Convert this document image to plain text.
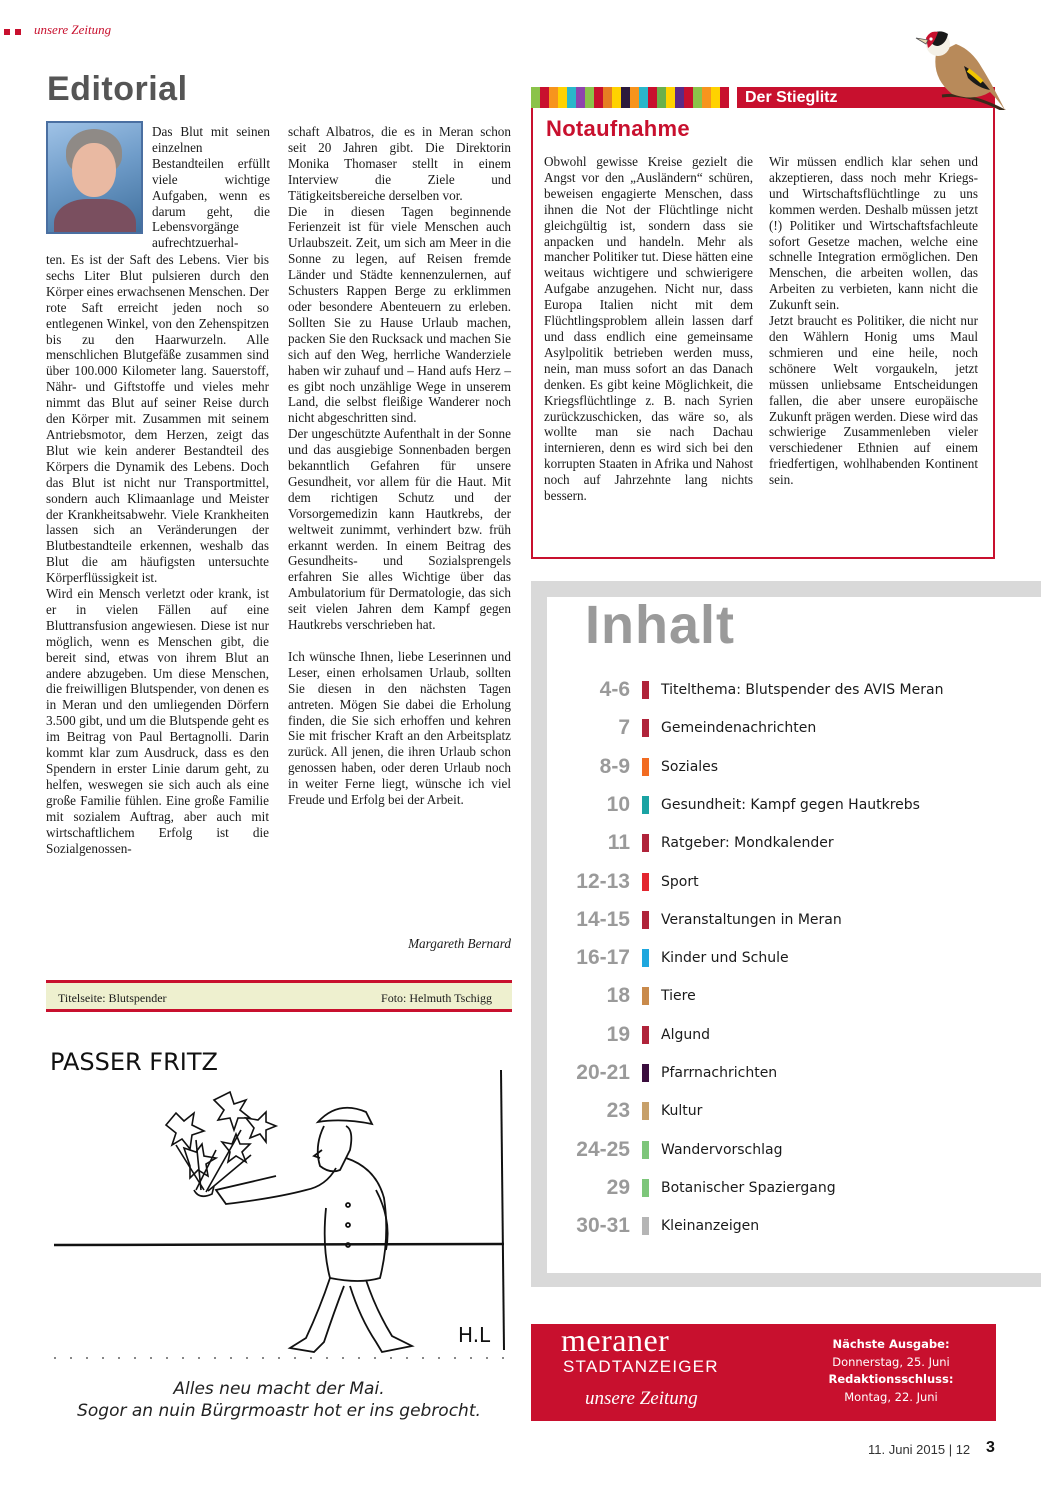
unsere Zeitung
Editorial
Das Blut mit seinen einzelnen Bestandteilen erfüllt viele wichtige Aufgaben, wenn es darum geht, die Lebensvorgänge aufrechtzuerhal-

ten. Es ist der Saft des Lebens. Vier bis sechs Liter Blut pulsieren durch den Körper eines erwachsenen Menschen. Der rote Saft erreicht jeden noch so entlegenen Winkel, von den Zehenspitzen bis zu den Haarwurzeln. Alle menschlichen Blutgefäße zusammen sind über 100.000 Kilometer lang. Sauerstoff, Nähr- und Giftstoffe und vieles mehr nimmt das Blut auf seiner Reise durch den Körper mit. Zusammen mit seinem Antriebsmotor, dem Herzen, zeigt das Blut wie kein anderer Bestandteil des Körpers die Dynamik des Lebens. Doch das Blut ist nicht nur Transportmittel, sondern auch Klimaanlage und Meister der Krankheitsabwehr. Viele Krankheiten lassen sich an Veränderungen der Blutbestandteile erkennen, weshalb das Blut die am häufigsten untersuchte Körperflüssigkeit ist.

Wird ein Mensch verletzt oder krank, ist er in vielen Fällen auf eine Bluttransfusion angewiesen. Diese ist nur möglich, wenn es Menschen gibt, die bereit sind, etwas von ihrem Blut an andere abzugeben. Um diese Menschen, die freiwilligen Blutspender, von denen es in Meran und den umliegenden Dörfern 3.500 gibt, und um die Blutspende geht es im Beitrag von Paul Bertagnolli. Darin kommt klar zum Ausdruck, dass es den Spendern in erster Linie darum geht, zu helfen, weswegen sie sich auch als eine große Familie fühlen. Eine große Familie mit sozialem Auftrag, aber auch mit wirtschaftlichem Erfolg ist die Sozialgenossen-

schaft Albatros, die es in Meran schon seit 20 Jahren gibt. Die Direktorin Monika Thomaser stellt in einem Interview die Ziele und Tätigkeitsbereiche derselben vor.

Die in diesen Tagen beginnende Ferienzeit ist für viele Menschen auch Urlaubszeit. Zeit, um sich am Meer in die Sonne zu legen, auf Reisen fremde Länder und Städte kennenzulernen, auf Schusters Rappen Berge zu erklimmen oder besondere Abenteuern zu erleben. Sollten Sie zu Hause Urlaub machen, packen Sie den Rucksack und machen Sie sich auf den Weg, herrliche Wanderziele haben wir zuhauf und – Hand aufs Herz – es gibt noch unzählige Wege in unserem Land, die selbst fleißige Wanderer noch nicht abgeschritten sind.

Der ungeschützte Aufenthalt in der Sonne und das ausgiebige Sonnenbaden bergen bekanntlich Gefahren für unsere Gesundheit, vor allem für die Haut. Mit dem richtigen Schutz und der Vorsorgemedizin kann Hautkrebs, der weltweit zunimmt, verhindert bzw. früh erkannt werden. In einem Beitrag des Gesundheits- und Sozialsprengels erfahren Sie alles Wichtige über das Ambulatorium für Dermatologie, das sich seit vielen Jahren dem Kampf gegen Hautkrebs verschrieben hat.

Ich wünsche Ihnen, liebe Leserinnen und Leser, einen erholsamen Urlaub, sollten Sie diesen in den nächsten Tagen antreten. Mögen Sie dabei die Erholung finden, die Sie sich erhoffen und kehren Sie mit frischer Kraft an den Arbeitsplatz zurück. All jenen, die ihren Urlaub schon genossen haben, oder deren Urlaub noch in weiter Ferne liegt, wünsche ich viel Freude und Erfolg bei der Arbeit.

Margareth Bernard
Titelseite: Blutspender	Foto: Helmuth Tschigg
PASSER FRITZ
H.L
Alles neu macht der Mai.
Sogor an nuin Bürgrmoastr hot er ins gebrocht.
Der Stieglitz
Notaufnahme
Obwohl gewisse Kreise gezielt die Angst vor den „Ausländern“ schüren, beweisen engagierte Menschen, dass ihnen die Not der Flüchtlinge nicht gleichgültig ist, sondern dass sie anpacken und handeln. Mehr als mancher Politiker tut. Diese hätten eine weitaus wichtigere und schwierigere Aufgabe anzugehen. Nicht nur, dass Europa Italien nicht mit dem Flüchtlingsproblem allein lassen darf und dass endlich eine gemeinsame Asylpolitik betrieben werden muss, nein, man muss sofort an das Danach denken. Es gibt keine Möglichkeit, die Kriegsflüchtlinge z. B. nach Syrien zurückzuschicken, das wäre so, als wollte man sie nach Dachau internieren, denn es wird sich bei den korrupten Staaten in Afrika und Nahost noch auf Jahrzehnte lang nichts bessern.

Wir müssen endlich klar sehen und akzeptieren, dass noch mehr Kriegs- und Wirtschaftsflüchtlinge zu uns kommen werden. Deshalb müssen jetzt (!) Politiker und Wirtschaftsfachleute sofort Gesetze machen, welche eine schnelle Integration ermöglichen. Den Menschen, die arbeiten wollen, das Arbeiten zu verbieten, kann nicht die Zukunft sein.

Jetzt braucht es Politiker, die nicht nur den Wählern Honig ums Maul schmieren und eine heile, noch schönere Welt vorgaukeln, jetzt müssen unliebsame Entscheidungen fallen, die aber unsere europäische Zukunft prägen werden. Diese wird das schwierige Zusammenleben vieler verschiedener Ethnien auf einem friedfertigen, wohlhabenden Kontinent sein.

Inhalt
4-6 Titelthema: Blutspender des AVIS Meran
7 Gemeindenachrichten
8-9 Soziales
10 Gesundheit: Kampf gegen Hautkrebs
11 Ratgeber: Mondkalender
12-13 Sport
14-15 Veranstaltungen in Meran
16-17 Kinder und Schule
18 Tiere
19 Algund
20-21 Pfarrnachrichten
23 Kultur
24-25 Wandervorschlag
29 Botanischer Spaziergang
30-31 Kleinanzeigen
meraner
STADTANZEIGER
unsere Zeitung
Nächste Ausgabe:
Donnerstag, 25. Juni
Redaktionsschluss:
Montag, 22. Juni
11. Juni 2015 | 12 3
